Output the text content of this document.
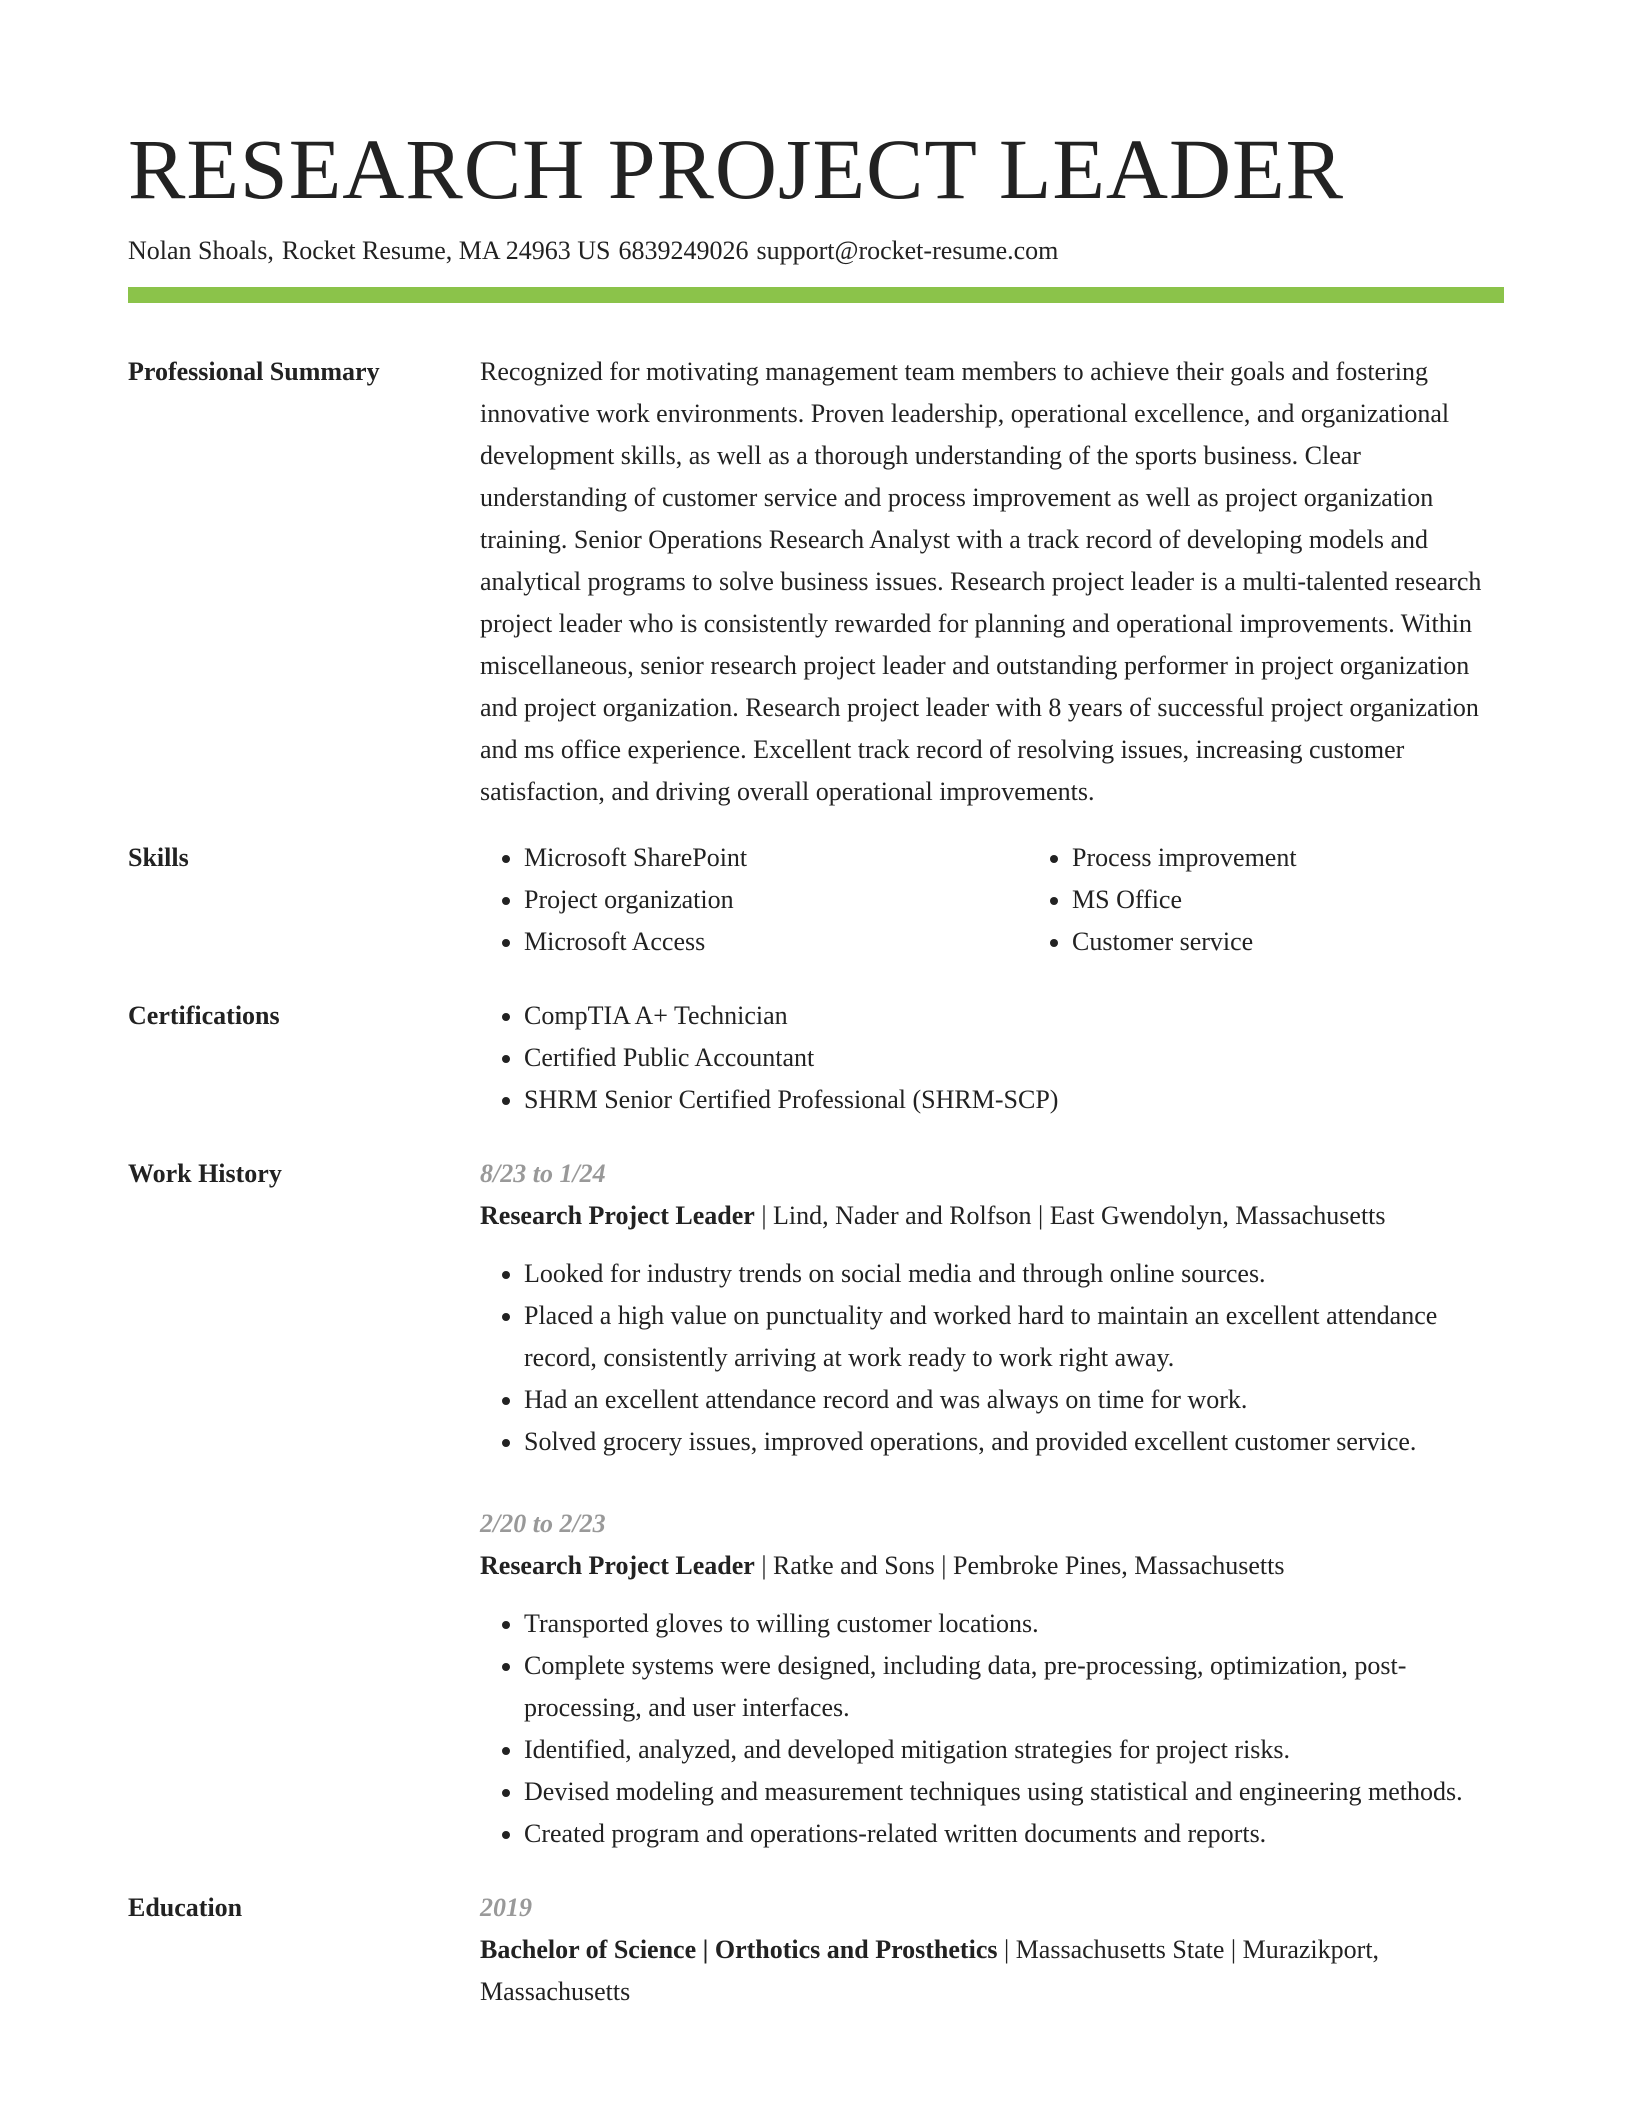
RESEARCH PROJECT LEADER
Nolan Shoals, Rocket Resume, MA 24963 US 6839249026 support@rocket-resume.com
Professional Summary	Recognized for motivating management team members to achieve their goals and fostering innovative work environments. Proven leadership, operational excellence, and organizational development skills, as well as a thorough understanding of the sports business. Clear understanding of customer service and process improvement as well as project organization training. Senior Operations Research Analyst with a track record of developing models and analytical programs to solve business issues. Research project leader is a multi-talented research project leader who is consistently rewarded for planning and operational improvements. Within miscellaneous, senior research project leader and outstanding performer in project organization and project organization. Research project leader with 8 years of successful project organization and ms office experience. Excellent track record of resolving issues, increasing customer satisfaction, and driving overall operational improvements.

Skills	• Microsoft SharePoint
• Project organization
• Microsoft Access
• Process improvement
• MS Office
• Customer service
Certifications	• CompTIA A+ Technician
• Certified Public Accountant
• SHRM Senior Certified Professional (SHRM-SCP)
Work History	8/23 to 1/24
Research Project Leader | Lind, Nader and Rolfson | East Gwendolyn, Massachusetts
• Looked for industry trends on social media and through online sources.
• Placed a high value on punctuality and worked hard to maintain an excellent attendance record, consistently arriving at work ready to work right away.
• Had an excellent attendance record and was always on time for work.
• Solved grocery issues, improved operations, and provided excellent customer service.
2/20 to 2/23
Research Project Leader | Ratke and Sons | Pembroke Pines, Massachusetts
• Transported gloves to willing customer locations.
• Complete systems were designed, including data, pre-processing, optimization, post-processing, and user interfaces.
• Identified, analyzed, and developed mitigation strategies for project risks.
• Devised modeling and measurement techniques using statistical and engineering methods.
• Created program and operations-related written documents and reports.
Education	2019
Bachelor of Science | Orthotics and Prosthetics | Massachusetts State | Murazikport, Massachusetts
